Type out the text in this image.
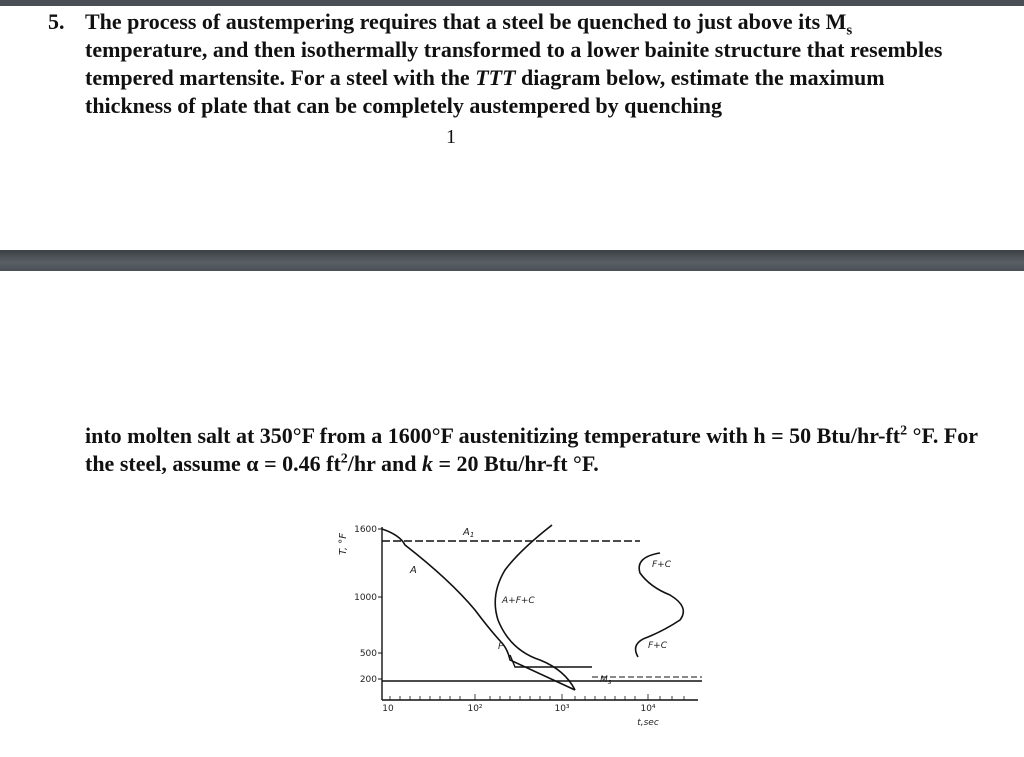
5. The process of austempering requires that a steel be quenched to just above its $M_s$ temperature, and then isothermally transformed to a lower bainite structure that resembles tempered martensite. For a steel with the TTT diagram below, estimate the maximum thickness of plate that can be completely austempered by quenching

1

into molten salt at 350°F from a 1600°F austenitizing temperature with h = 50 Btu/$hr-ft^2$ °F. For the steel, assume α = 0.46 $ft^2/hr$ and k = 20 Btu/hr-ft °F.

1600
1000
500
200
T, °F
10	10²	10³	10⁴
t,sec
$A_1$
A
A+F+C
P
F+C
F+C
$M_s$
